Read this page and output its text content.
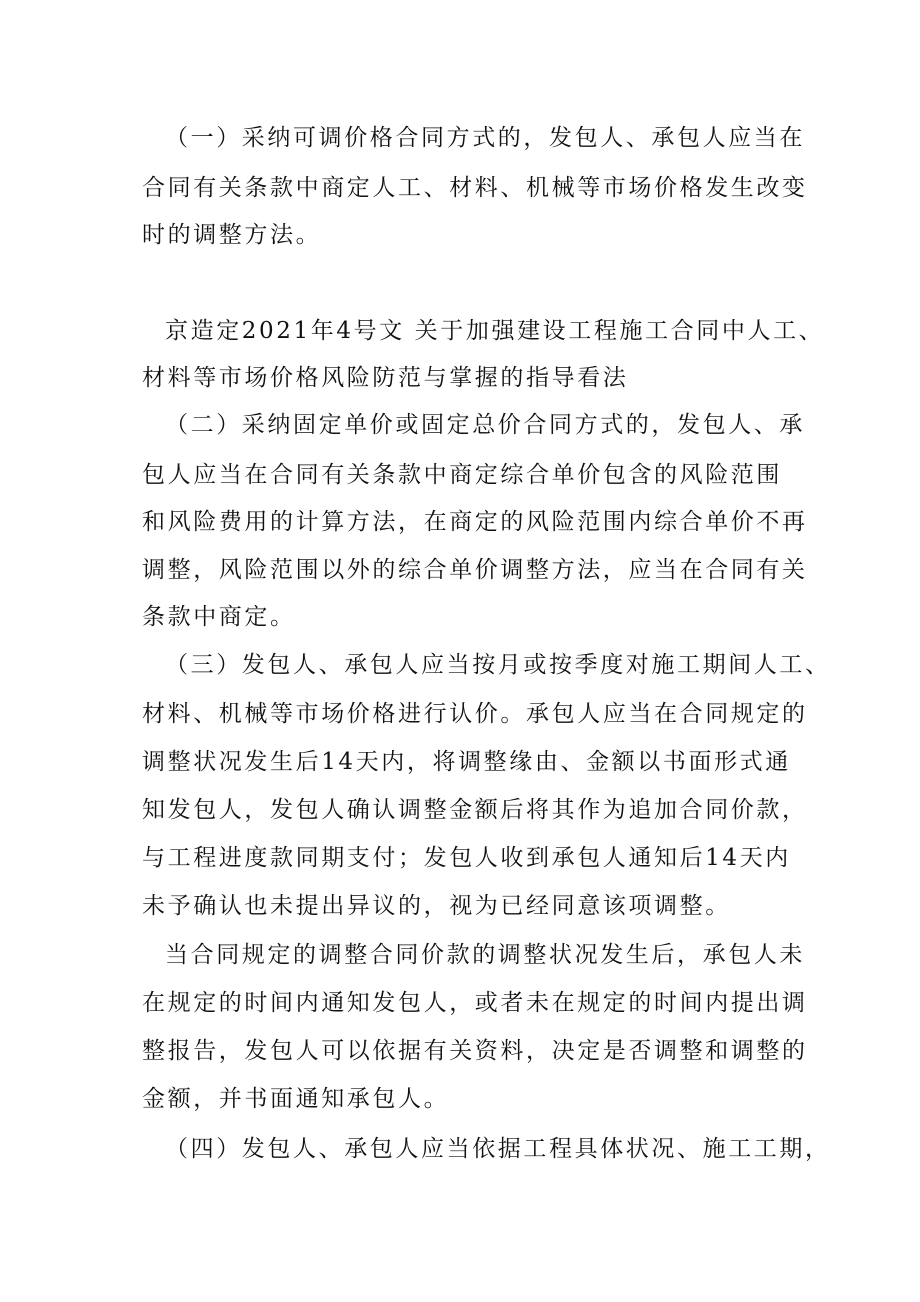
（一）采纳可调价格合同方式的，发包人、承包人应当在
合同有关条款中商定人工、材料、机械等市场价格发生改变
时的调整方法。
京造定2021年4号文 关于加强建设工程施工合同中人工、
材料等市场价格风险防范与掌握的指导看法
（二）采纳固定单价或固定总价合同方式的，发包人、承
包人应当在合同有关条款中商定综合单价包含的风险范围
和风险费用的计算方法，在商定的风险范围内综合单价不再
调整，风险范围以外的综合单价调整方法，应当在合同有关
条款中商定。
（三）发包人、承包人应当按月或按季度对施工期间人工、
材料、机械等市场价格进行认价。承包人应当在合同规定的
调整状况发生后14天内，将调整缘由、金额以书面形式通
知发包人，发包人确认调整金额后将其作为追加合同价款，
与工程进度款同期支付；发包人收到承包人通知后14天内
未予确认也未提出异议的，视为已经同意该项调整。
当合同规定的调整合同价款的调整状况发生后，承包人未
在规定的时间内通知发包人，或者未在规定的时间内提出调
整报告，发包人可以依据有关资料，决定是否调整和调整的
金额，并书面通知承包人。
（四）发包人、承包人应当依据工程具体状况、施工工期，
